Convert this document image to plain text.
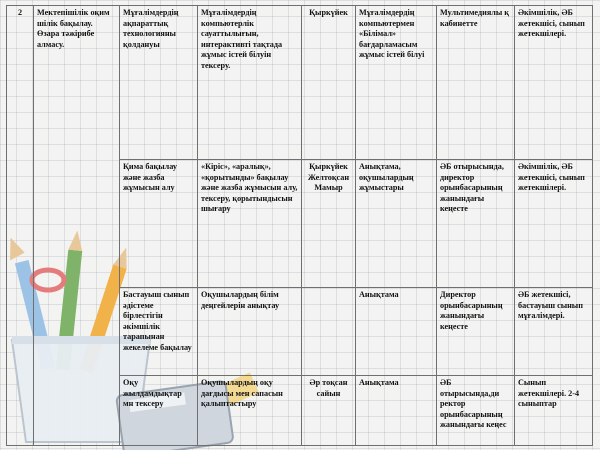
2	Мектепішілік оқим шілік бақылау. Өзара тәжірибе алмасу.	Мұғалімдердің ақпараттық технологияны қолдануы	Мұғалімдердің компьютерлік сауаттылығын, интерактивті тақтада жұмыс істей білуін тексеру.	Қыркүйек	Мұғалімдердің компьютермен «Білімал» бағдарламасым жұмыс істей білуі	Мультимедиялы қ кабинетте	Әкімшілік, ӘБ жетекшісі, сынып жетекшілері.
		Қима бақылау және жазба жұмысын алу	«Кіріс», «аралық», «қорытынды» бақылау және жазба жұмысын алу, тексеру, қорытындысын шығару	Қыркүйек Желтоқсан Мамыр	Анықтама, оқушылардың жұмыстары	ӘБ отырысында, директор орынбасарының жанындағы кеңесте	Әкімшілік, ӘБ жетекшісі, сынып жетекшілері.
		Бастауыш сынып әдістеме бірлестігін әкімшілік тарапынан жекелеме бақылау	Оқушылардың білім деңгейлерін анықтау		Анықтама	Директор орынбасарының жанындағы кеңесте	ӘБ жетекшісі, бастауыш сынып мұғалімдері.
		Оқу жылдамдықтар мн тексеру	Оқушылардың оқу дағдысы мен сапасын қалыптастыру	Әр тоқсан сайын	Анықтама	ӘБ отырысында,ди ректор орынбасарының жанындағы кеңес	Сынып жетекшілері. 2-4 сыныптар
